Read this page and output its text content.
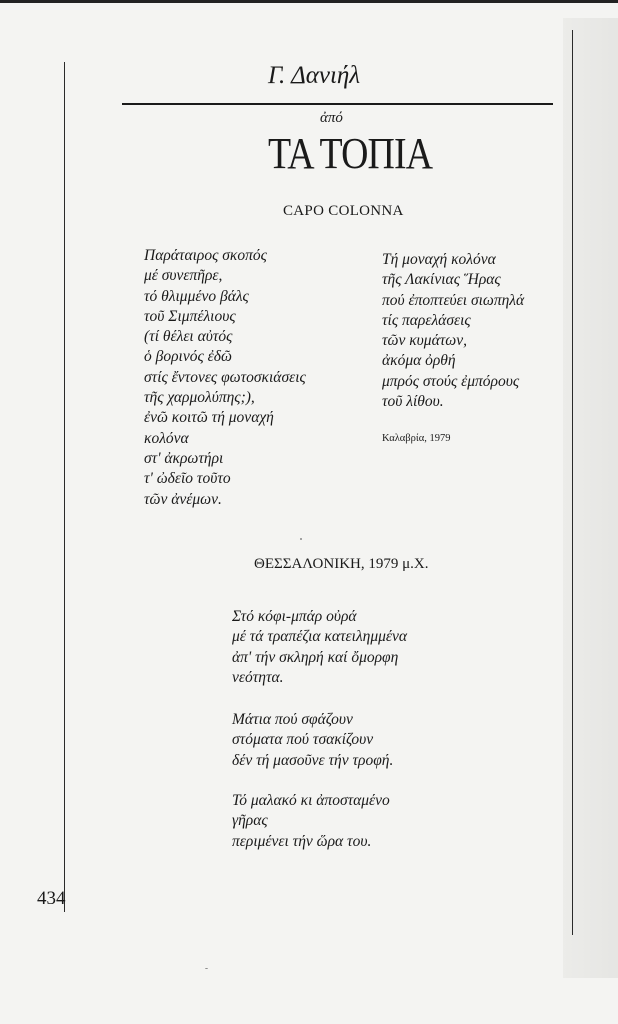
Γ. Δανιήλ
ἀπό
ΤΑ ΤΟΠΙΑ
CAPO COLONNA
Παράταιρος σκοπός
μέ συνεπῆρε,
τό θλιμμένο βάλς
τοῦ Σιμπέλιους
(τί θέλει αὐτός
ὁ βορινός ἐδῶ
στίς ἔντονες φωτοσκιάσεις
τῆς χαρμολύπης;),
ἐνῶ κοιτῶ τή μοναχή
κολόνα
στ' ἀκρωτήρι
τ' ὠδεῖο τοῦτο
τῶν ἀνέμων.
Τή μοναχή κολόνα
τῆς Λακίνιας Ἥρας
πού ἐποπτεύει σιωπηλά
τίς παρελάσεις
τῶν κυμάτων,
ἀκόμα ὀρθή
μπρός στούς ἐμπόρους
τοῦ λίθου.
Καλαβρία, 1979
ΘΕΣΣΑΛΟΝΙΚΗ, 1979 μ.Χ.
Στό κόφι-μπάρ οὐρά
μέ τά τραπέζια κατειλημμένα
ἀπ' τήν σκληρή καί ὄμορφη
νεότητα.
Μάτια πού σφάζουν
στόματα πού τσακίζουν
δέν τή μασοῦνε τήν τροφή.
Τό μαλακό κι ἀποσταμένο
γῆρας
περιμένει τήν ὥρα του.
434
